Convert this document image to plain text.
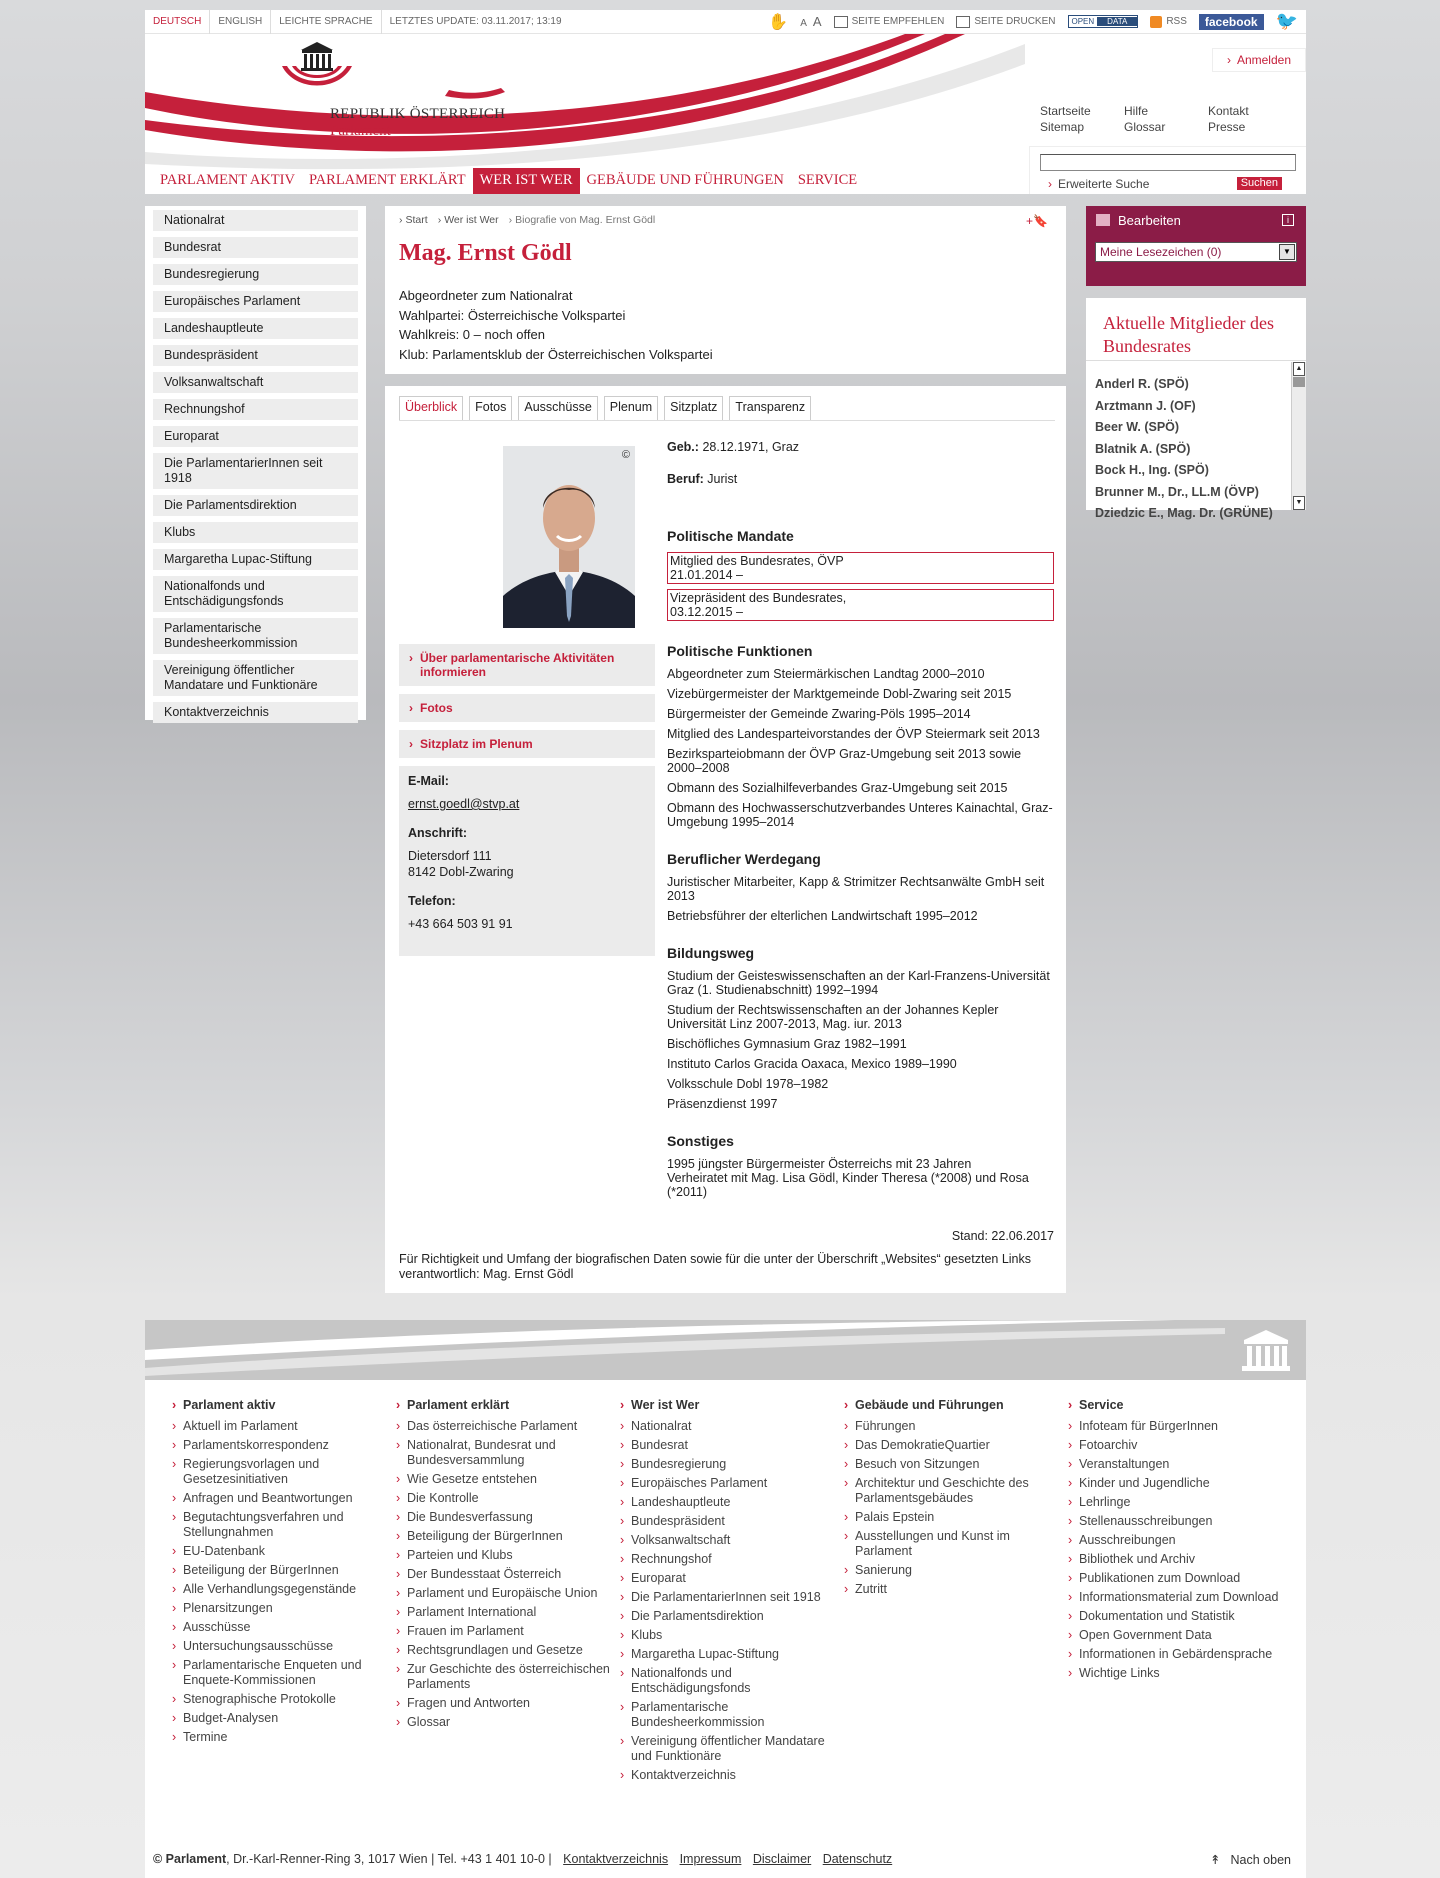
DEUTSCH	ENGLISH	LEICHTE SPRACHE	LETZTES UPDATE: 03.11.2017; 13:19	✋ A A	SEITE EMPFEHLEN	SEITE DRUCKEN	OPEN	DATA	RSS	facebook	🐦
REPUBLIK ÖSTERREICH
Parlament
› Anmelden
Startseite	Hilfe	Kontakt
Sitemap	Glossar	Presse
› Erweiterte Suche	Suchen
PARLAMENT AKTIV PARLAMENT ERKLÄRT WER IST WER GEBÄUDE UND FÜHRUNGEN SERVICE
Nationalrat
Bundesrat
Bundesregierung
Europäisches Parlament
Landeshauptleute
Bundespräsident
Volksanwaltschaft
Rechnungshof
Europarat
Die ParlamentarierInnen seit 1918
Die Parlamentsdirektion
Klubs
Margaretha Lupac-Stiftung
Nationalfonds und Entschädigungsfonds
Parlamentarische Bundesheerkommission
Vereinigung öffentlicher Mandatare und Funktionäre
Kontaktverzeichnis
› Start	› Wer ist Wer	› Biografie von Mag. Ernst Gödl	+🔖
Mag. Ernst Gödl
Abgeordneter zum Nationalrat
Wahlpartei: Österreichische Volkspartei
Wahlkreis: 0 – noch offen
Klub: Parlamentsklub der Österreichischen Volkspartei
Überblick	Fotos	Ausschüsse	Plenum	Sitzplatz	Transparenz
©
› Über parlamentarische Aktivitäten informieren
› Fotos
› Sitzplatz im Plenum
E-Mail:
ernst.goedl@stvp.at
Anschrift:
Dietersdorf 111
8142 Dobl-Zwaring
Telefon:
+43 664 503 91 91
Geb.: 28.12.1971, Graz
Beruf: Jurist
Politische Mandate
Mitglied des Bundesrates, ÖVP
21.01.2014 –
Vizepräsident des Bundesrates,
03.12.2015 –
Politische Funktionen
Abgeordneter zum Steiermärkischen Landtag 2000–2010
Vizebürgermeister der Marktgemeinde Dobl-Zwaring seit 2015
Bürgermeister der Gemeinde Zwaring-Pöls 1995–2014
Mitglied des Landesparteivorstandes der ÖVP Steiermark seit 2013
Bezirksparteiobmann der ÖVP Graz-Umgebung seit 2013 sowie 2000–2008
Obmann des Sozialhilfeverbandes Graz-Umgebung seit 2015
Obmann des Hochwasserschutzverbandes Unteres Kainachtal, Graz-Umgebung 1995–2014
Beruflicher Werdegang
Juristischer Mitarbeiter, Kapp & Strimitzer Rechtsanwälte GmbH seit 2013
Betriebsführer der elterlichen Landwirtschaft 1995–2012
Bildungsweg
Studium der Geisteswissenschaften an der Karl-Franzens-Universität Graz (1. Studienabschnitt) 1992–1994
Studium der Rechtswissenschaften an der Johannes Kepler Universität Linz 2007-2013, Mag. iur. 2013
Bischöfliches Gymnasium Graz 1982–1991
Instituto Carlos Gracida Oaxaca, Mexico 1989–1990
Volksschule Dobl 1978–1982
Präsenzdienst 1997
Sonstiges
1995 jüngster Bürgermeister Österreichs mit 23 Jahren
Verheiratet mit Mag. Lisa Gödl, Kinder Theresa (*2008) und Rosa (*2011)
Stand: 22.06.2017
Für Richtigkeit und Umfang der biografischen Daten sowie für die unter der Überschrift „Websites“ gesetzten Links verantwortlich: Mag. Ernst Gödl
Bearbeiten	i
Meine Lesezeichen (0)	▼
Aktuelle Mitglieder des Bundesrates
Anderl R. (SPÖ)
Arztmann J. (OF)
Beer W. (SPÖ)
Blatnik A. (SPÖ)
Bock H., Ing. (SPÖ)
Brunner M., Dr., LL.M (ÖVP)
Dziedzic E., Mag. Dr. (GRÜNE)
▲
▼
› Parlament aktiv
› Aktuell im Parlament
› Parlamentskorrespondenz
› Regierungsvorlagen und Gesetzesinitiativen
› Anfragen und Beantwortungen
› Begutachtungsverfahren und Stellungnahmen
› EU-Datenbank
› Beteiligung der BürgerInnen
› Alle Verhandlungsgegenstände
› Plenarsitzungen
› Ausschüsse
› Untersuchungsausschüsse
› Parlamentarische Enqueten und Enquete-Kommissionen
› Stenographische Protokolle
› Budget-Analysen
› Termine
› Parlament erklärt
› Das österreichische Parlament
› Nationalrat, Bundesrat und Bundesversammlung
› Wie Gesetze entstehen
› Die Kontrolle
› Die Bundesverfassung
› Beteiligung der BürgerInnen
› Parteien und Klubs
› Der Bundesstaat Österreich
› Parlament und Europäische Union
› Parlament International
› Frauen im Parlament
› Rechtsgrundlagen und Gesetze
› Zur Geschichte des österreichischen Parlaments
› Fragen und Antworten
› Glossar
› Wer ist Wer
› Nationalrat
› Bundesrat
› Bundesregierung
› Europäisches Parlament
› Landeshauptleute
› Bundespräsident
› Volksanwaltschaft
› Rechnungshof
› Europarat
› Die ParlamentarierInnen seit 1918
› Die Parlamentsdirektion
› Klubs
› Margaretha Lupac-Stiftung
› Nationalfonds und Entschädigungsfonds
› Parlamentarische Bundesheerkommission
› Vereinigung öffentlicher Mandatare und Funktionäre
› Kontaktverzeichnis
› Gebäude und Führungen
› Führungen
› Das DemokratieQuartier
› Besuch von Sitzungen
› Architektur und Geschichte des Parlamentsgebäudes
› Palais Epstein
› Ausstellungen und Kunst im Parlament
› Sanierung
› Zutritt
› Service
› Infoteam für BürgerInnen
› Fotoarchiv
› Veranstaltungen
› Kinder und Jugendliche
› Lehrlinge
› Stellenausschreibungen
› Ausschreibungen
› Bibliothek und Archiv
› Publikationen zum Download
› Informationsmaterial zum Download
› Dokumentation und Statistik
› Open Government Data
› Informationen in Gebärdensprache
› Wichtige Links
© Parlament, Dr.-Karl-Renner-Ring 3, 1017 Wien | Tel. +43 1 401 10-0 | Kontaktverzeichnis Impressum Disclaimer Datenschutz	↟ Nach oben
